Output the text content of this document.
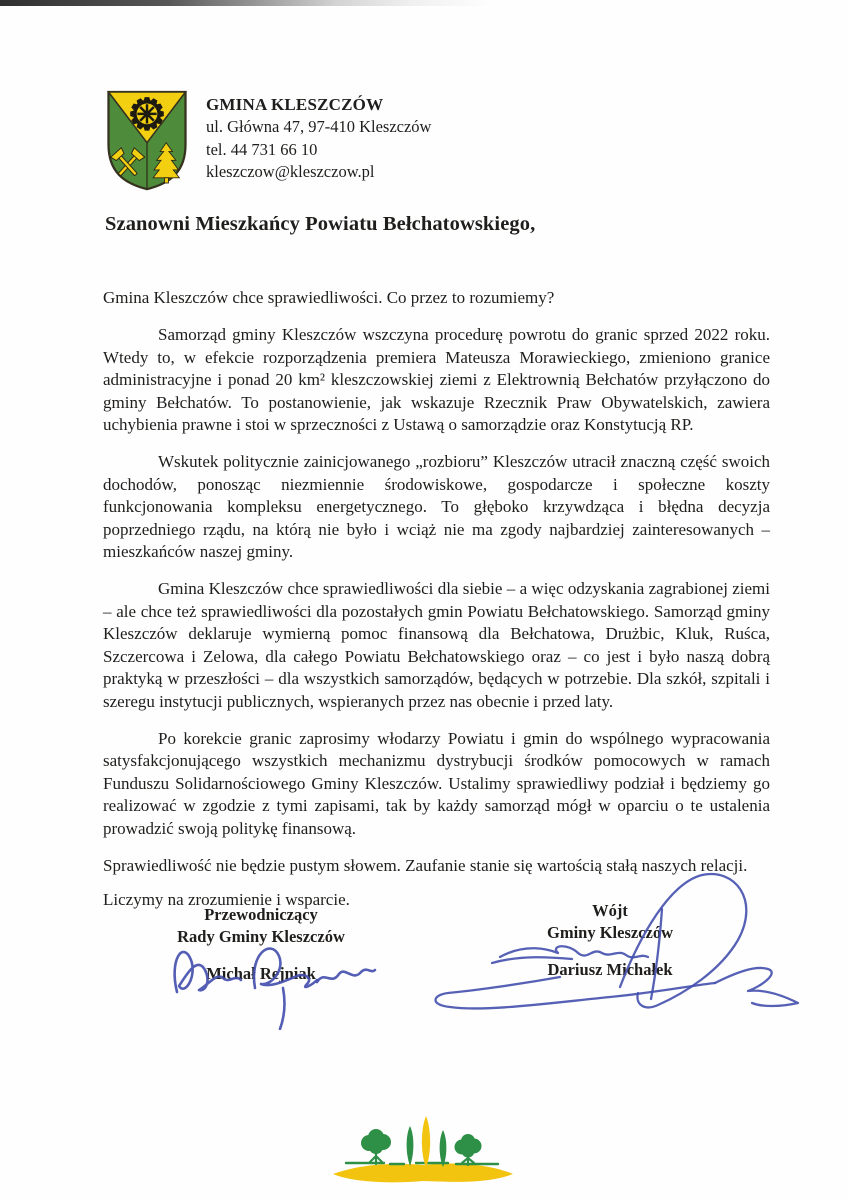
GMINA KLESZCZÓW
ul. Główna 47, 97-410 Kleszczów
tel. 44 731 66 10
kleszczow@kleszczow.pl
Szanowni Mieszkańcy Powiatu Bełchatowskiego,

Gmina Kleszczów chce sprawiedliwości. Co przez to rozumiemy?

Samorząd gminy Kleszczów wszczyna procedurę powrotu do granic sprzed 2022 roku. Wtedy to, w efekcie rozporządzenia premiera Mateusza Morawieckiego, zmieniono granice administracyjne i ponad 20 km² kleszczowskiej ziemi z Elektrownią Bełchatów przyłączono do gminy Bełchatów. To postanowienie, jak wskazuje Rzecznik Praw Obywatelskich, zawiera uchybienia prawne i stoi w sprzeczności z Ustawą o samorządzie oraz Konstytucją RP.

Wskutek politycznie zainicjowanego „rozbioru” Kleszczów utracił znaczną część swoich dochodów, ponosząc niezmiennie środowiskowe, gospodarcze i społeczne koszty funkcjonowania kompleksu energetycznego. To głęboko krzywdząca i błędna decyzja poprzedniego rządu, na którą nie było i wciąż nie ma zgody najbardziej zainteresowanych – mieszkańców naszej gminy.

Gmina Kleszczów chce sprawiedliwości dla siebie – a więc odzyskania zagrabionej ziemi – ale chce też sprawiedliwości dla pozostałych gmin Powiatu Bełchatowskiego. Samorząd gminy Kleszczów deklaruje wymierną pomoc finansową dla Bełchatowa, Drużbic, Kluk, Ruśca, Szczercowa i Zelowa, dla całego Powiatu Bełchatowskiego oraz – co jest i było naszą dobrą praktyką w przeszłości – dla wszystkich samorządów, będących w potrzebie. Dla szkół, szpitali i szeregu instytucji publicznych, wspieranych przez nas obecnie i przed laty.

Po korekcie granic zaprosimy włodarzy Powiatu i gmin do wspólnego wypracowania satysfakcjonującego wszystkich mechanizmu dystrybucji środków pomocowych w ramach Funduszu Solidarnościowego Gminy Kleszczów. Ustalimy sprawiedliwy podział i będziemy go realizować w zgodzie z tymi zapisami, tak by każdy samorząd mógł w oparciu o te ustalenia prowadzić swoją politykę finansową.

Sprawiedliwość nie będzie pustym słowem. Zaufanie stanie się wartością stałą naszych relacji.

Liczymy na zrozumienie i wsparcie.

Przewodniczący
Rady Gminy Kleszczów
Michał Rejniak
Wójt
Gminy Kleszczów
Dariusz Michałek
